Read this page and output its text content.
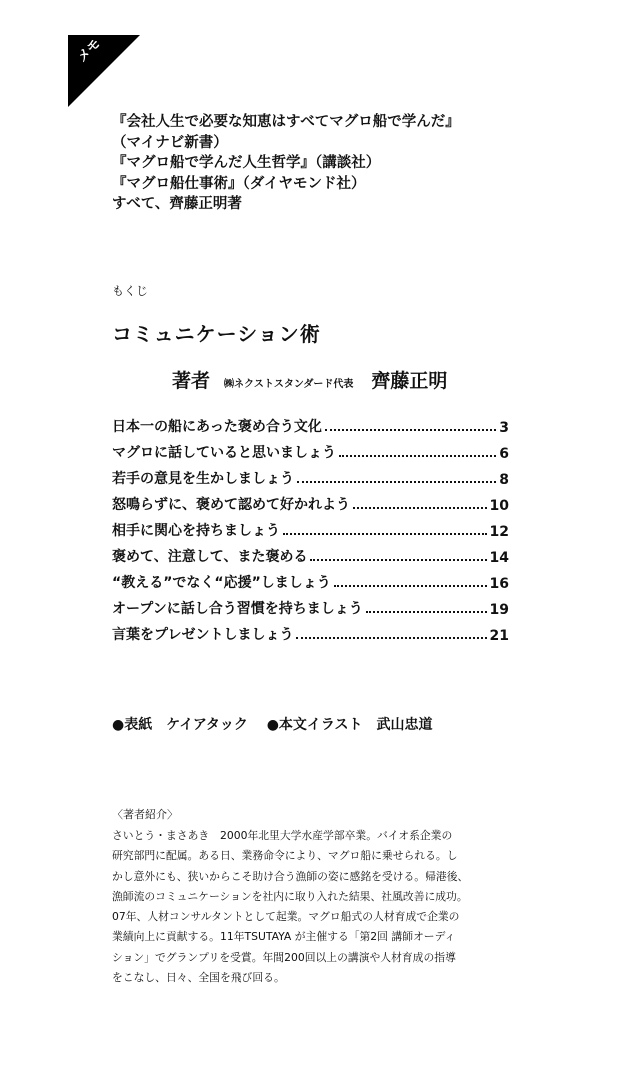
メモ
『会社人生で必要な知恵はすべてマグロ船で学んだ』
（マイナビ新書）
『マグロ船で学んだ人生哲学』（講談社）
『マグロ船仕事術』（ダイヤモンド社）
すべて、齊藤正明著
もくじ
コミュニケーション術
著者 ㈱ネクストスタンダード代表 齊藤正明
日本一の船にあった褒め合う文化	3
マグロに話していると思いましょう	6
若手の意見を生かしましょう	8
怒鳴らずに、褒めて認めて好かれよう	10
相手に関心を持ちましょう	12
褒めて、注意して、また褒める	14
“教える”でなく“応援”しましょう	16
オープンに話し合う習慣を持ちましょう	19
言葉をプレゼントしましょう	21
●表紙　ケイアタック ●本文イラスト　武山忠道
〈著者紹介〉
さいとう・まさあき　2000年北里大学水産学部卒業。バイオ系企業の
研究部門に配属。ある日、業務命令により、マグロ船に乗せられる。し
かし意外にも、狭いからこそ助け合う漁師の姿に感銘を受ける。帰港後、
漁師流のコミュニケーションを社内に取り入れた結果、社風改善に成功。
07年、人材コンサルタントとして起業。マグロ船式の人材育成で企業の
業績向上に貢献する。11年TSUTAYA が主催する「第2回 講師オーディ
ション」でグランプリを受賞。年間200回以上の講演や人材育成の指導
をこなし、日々、全国を飛び回る。
